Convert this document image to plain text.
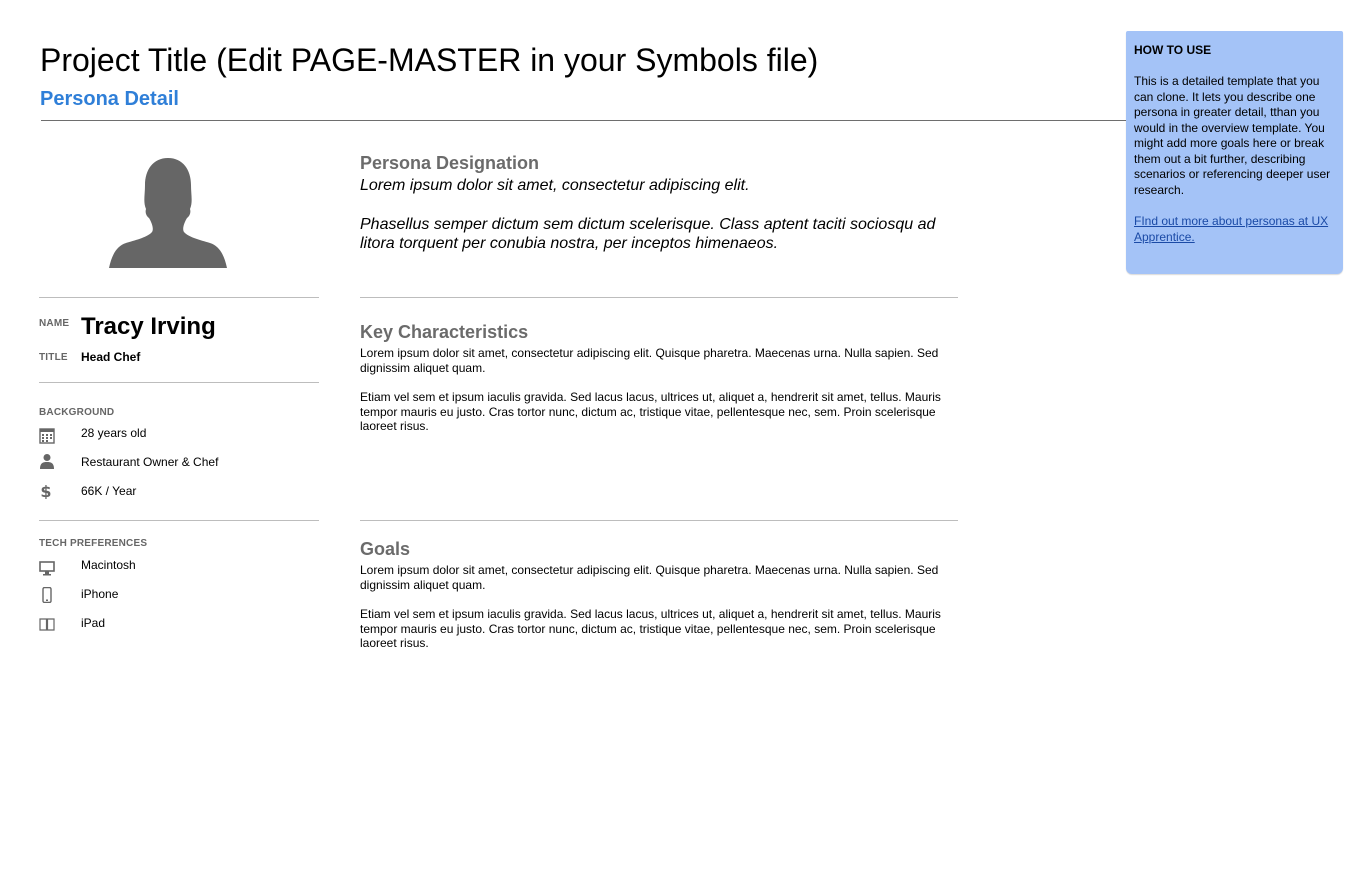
Project Title (Edit PAGE-MASTER in your Symbols file)
Persona Detail
NAME Tracy Irving
TITLE Head Chef
BACKGROUND
28 years old
Restaurant Owner & Chef
$ 66K / Year
TECH PREFERENCES
Macintosh
iPhone
iPad
Persona Designation
Lorem ipsum dolor sit amet, consectetur adipiscing elit.
Phasellus semper dictum sem dictum scelerisque. Class aptent taciti sociosqu ad litora torquent per conubia nostra, per inceptos himenaeos.
Key Characteristics
Lorem ipsum dolor sit amet, consectetur adipiscing elit. Quisque pharetra. Maecenas urna. Nulla sapien. Sed dignissim aliquet quam.
Etiam vel sem et ipsum iaculis gravida. Sed lacus lacus, ultrices ut, aliquet a, hendrerit sit amet, tellus. Mauris tempor mauris eu justo. Cras tortor nunc, dictum ac, tristique vitae, pellentesque nec, sem. Proin scelerisque laoreet risus.
Goals
Lorem ipsum dolor sit amet, consectetur adipiscing elit. Quisque pharetra. Maecenas urna. Nulla sapien. Sed dignissim aliquet quam.
Etiam vel sem et ipsum iaculis gravida. Sed lacus lacus, ultrices ut, aliquet a, hendrerit sit amet, tellus. Mauris tempor mauris eu justo. Cras tortor nunc, dictum ac, tristique vitae, pellentesque nec, sem. Proin scelerisque laoreet risus.
HOW TO USE
This is a detailed template that you can clone. It lets you describe one persona in greater detail, tthan you would in the overview template. You might add more goals here or break them out a bit further, describing scenarios or referencing deeper user research.
FInd out more about personas at UX Apprentice.
